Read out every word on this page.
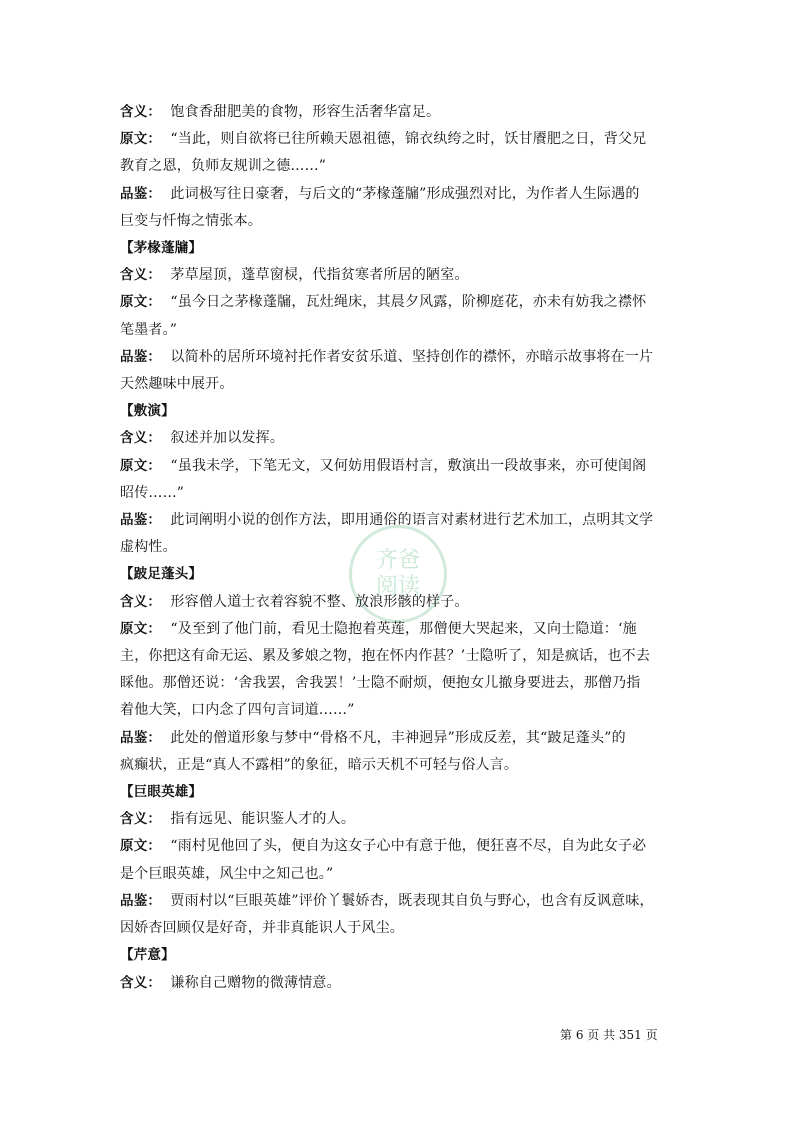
齐爸
阅读

含义： 饱食香甜肥美的食物，形容生活奢华富足。

原文： “当此，则自欲将已往所赖天恩祖德，锦衣纨绔之时，饫甘餍肥之日，背父兄

教育之恩，负师友规训之德……”

品鉴： 此词极写往日豪奢，与后文的“茅椽蓬牖”形成强烈对比，为作者人生际遇的

巨变与忏悔之情张本。

【茅椽蓬牖】

含义： 茅草屋顶，蓬草窗棂，代指贫寒者所居的陋室。

原文： “虽今日之茅椽蓬牖，瓦灶绳床，其晨夕风露，阶柳庭花，亦未有妨我之襟怀

笔墨者。”

品鉴： 以简朴的居所环境衬托作者安贫乐道、坚持创作的襟怀，亦暗示故事将在一片

天然趣味中展开。

【敷演】

含义： 叙述并加以发挥。

原文： “虽我未学，下笔无文，又何妨用假语村言，敷演出一段故事来，亦可使闺阁

昭传……”

品鉴： 此词阐明小说的创作方法，即用通俗的语言对素材进行艺术加工，点明其文学

虚构性。

【跛足蓬头】

含义： 形容僧人道士衣着容貌不整、放浪形骸的样子。

原文： “及至到了他门前，看见士隐抱着英莲，那僧便大哭起来，又向士隐道：‘施

主，你把这有命无运、累及爹娘之物，抱在怀内作甚？’士隐听了，知是疯话，也不去

睬他。那僧还说：‘舍我罢，舍我罢！’士隐不耐烦，便抱女儿撤身要进去，那僧乃指

着他大笑，口内念了四句言词道……”

品鉴： 此处的僧道形象与梦中“骨格不凡，丰神迥异”形成反差，其“跛足蓬头”的

疯癫状，正是“真人不露相”的象征，暗示天机不可轻与俗人言。

【巨眼英雄】

含义： 指有远见、能识鉴人才的人。

原文： “雨村见他回了头，便自为这女子心中有意于他，便狂喜不尽，自为此女子必

是个巨眼英雄，风尘中之知己也。”

品鉴： 贾雨村以“巨眼英雄”评价丫鬟娇杏，既表现其自负与野心，也含有反讽意味，

因娇杏回顾仅是好奇，并非真能识人于风尘。

【芹意】

含义： 谦称自己赠物的微薄情意。

第 6 页 共 351 页
